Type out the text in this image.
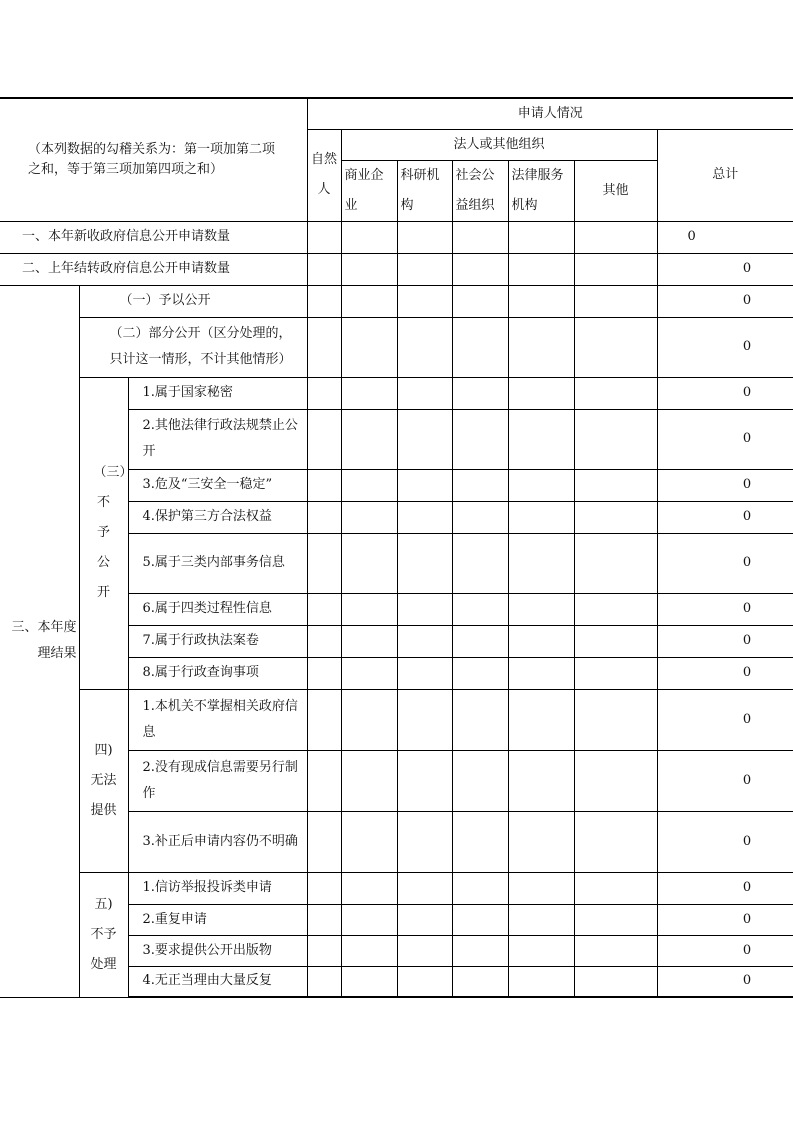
（本列数据的勾稽关系为：第一项加第二项之和，等于第三项加第四项之和）			申请人情况						
			自然人	法人或其他组织					总计
				商业企业	科研机构	社会公益组织	法律服务机构	其他	
一、本年新收政府信息公开申请数量									0
二、上年结转政府信息公开申请数量									0
三、本年度理结果	（一）予以公开								0
	（二）部分公开（区分处理的，只计这一情形，不计其他情形）								0
	（三）不予公开	1.属于国家秘密							0
		2.其他法律行政法规禁止公开							0
		3.危及“三安全一稳定”							0
		4.保护第三方合法权益							0
		5.属于三类内部事务信息							0
		6.属于四类过程性信息							0
		7.属于行政执法案卷							0
		8.属于行政查询事项							0
	四)无法提供	1.本机关不掌握相关政府信息							0
		2.没有现成信息需要另行制作							0
		3.补正后申请内容仍不明确							0
	五)不予处理	1.信访举报投诉类申请							0
		2.重复申请							0
		3.要求提供公开出版物							0
		4.无正当理由大量反复							0
